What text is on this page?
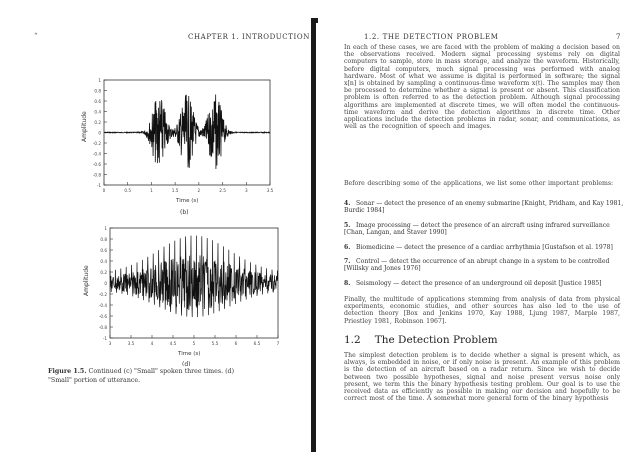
“	CHAPTER 1. INTRODUCTION
1
0.8
0.6
0.4
0.2
0
-0.2
-0.4
-0.6
-0.8
-1
0	0.5	1	1.5	2	2.5	3	3.5
Amplitude
Time (s)
(b)
1
0.8
0.6
0.4
0.2
0
-0.2
-0.4
-0.6
-0.8
-1
3	3.5	4	4.5	5	5.5	6	6.5	7
Amplitude
Time (s)
(d)
Figure 1.5. Continued (c) "Small" spoken three times. (d) "Small" portion of utterance.
1.2. THE DETECTION PROBLEM	7
In each of these cases, we are faced with the problem of making a decision based on the observations received. Modern signal processing systems rely on digital computers to sample, store in mass storage, and analyze the waveform. Historically, before digital computers, much signal processing was performed with analog hardware. Most of what we assume is digital is performed in software; the signal x[n] is obtained by sampling a continuous-time waveform x(t). The samples may then be processed to determine whether a signal is present or absent. This classification problem is often referred to as the detection problem. Although signal processing algorithms are implemented at discrete times, we will often model the continuous-time waveform and derive the detection algorithms in discrete time. Other applications include the detection problems in radar, sonar, and communications, as well as the recognition of speech and images.
Before describing some of the applications, we list some other important problems:
4. Sonar — detect the presence of an enemy submarine [Knight, Pridham, and Kay 1981, Burdic 1984]
5. Image processing — detect the presence of an aircraft using infrared surveillance [Chan, Langan, and Staver 1990]
6. Biomedicine — detect the presence of a cardiac arrhythmia [Gustafson et al. 1978]
7. Control — detect the occurrence of an abrupt change in a system to be controlled [Willsky and Jones 1976]
8. Seismology — detect the presence of an underground oil deposit [Justice 1985]
Finally, the multitude of applications stemming from analysis of data from physical experiments, economic studies, and other sources has also led to the use of detection theory [Box and Jenkins 1970, Kay 1988, Ljung 1987, Marple 1987, Priestley 1981, Robinson 1967].
1.2 The Detection Problem
The simplest detection problem is to decide whether a signal is present which, as always, is embedded in noise, or if only noise is present. An example of this problem is the detection of an aircraft based on a radar return. Since we wish to decide between two possible hypotheses, signal and noise present versus noise only present, we term this the binary hypothesis testing problem. Our goal is to use the received data as efficiently as possible in making our decision and hopefully to be correct most of the time. A somewhat more general form of the binary hypothesis
